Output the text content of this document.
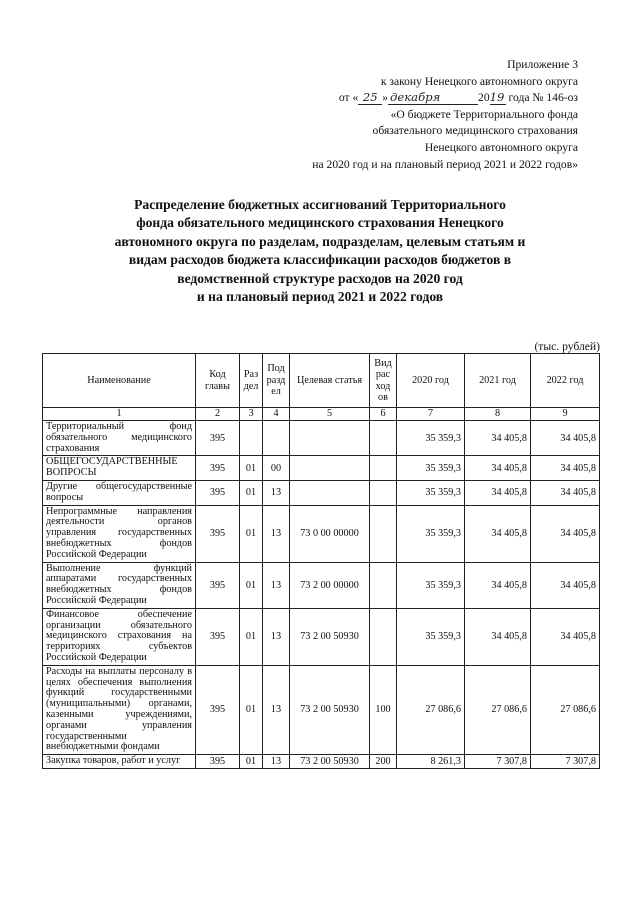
Приложение 3
к закону Ненецкого автономного округа
от « 25 » декабря	2019 года № 146-оз
«О бюджете Территориального фонда
обязательного медицинского страхования
Ненецкого автономного округа
на 2020 год и на плановый период 2021 и 2022 годов»
Распределение бюджетных ассигнований Территориального
фонда обязательного медицинского страхования Ненецкого
автономного округа по разделам, подразделам, целевым статьям и
видам расходов бюджета классификации расходов бюджетов в
ведомственной структуре расходов на 2020 год
и на плановый период 2021 и 2022 годов
(тыс. рублей)
Наименование	Код главы	Раз дел	Под разд ел	Целевая статья	Вид рас ход ов	2020 год	2021 год	2022 год
1	2	3	4	5	6	7	8	9
Территориальный фонд обязательного медицинского страхования	395					35 359,3	34 405,8	34 405,8
ОБЩЕГОСУДАРСТВЕННЫЕ ВОПРОСЫ	395	01	00			35 359,3	34 405,8	34 405,8
Другие общегосударственные вопросы	395	01	13			35 359,3	34 405,8	34 405,8
Непрограммные направления деятельности органов управления государственных внебюджетных фондов Российской Федерации	395	01	13	73 0 00 00000		35 359,3	34 405,8	34 405,8
Выполнение функций аппаратами государственных внебюджетных фондов Российской Федерации	395	01	13	73 2 00 00000		35 359,3	34 405,8	34 405,8
Финансовое обеспечение организации обязательного медицинского страхования на территориях субъектов Российской Федерации	395	01	13	73 2 00 50930		35 359,3	34 405,8	34 405,8
Расходы на выплаты персоналу в целях обеспечения выполнения функций государственными (муниципальными) органами, казенными учреждениями, органами управления государственными внебюджетными фондами	395	01	13	73 2 00 50930	100	27 086,6	27 086,6	27 086,6
Закупка товаров, работ и услуг	395	01	13	73 2 00 50930	200	8 261,3	7 307,8	7 307,8
